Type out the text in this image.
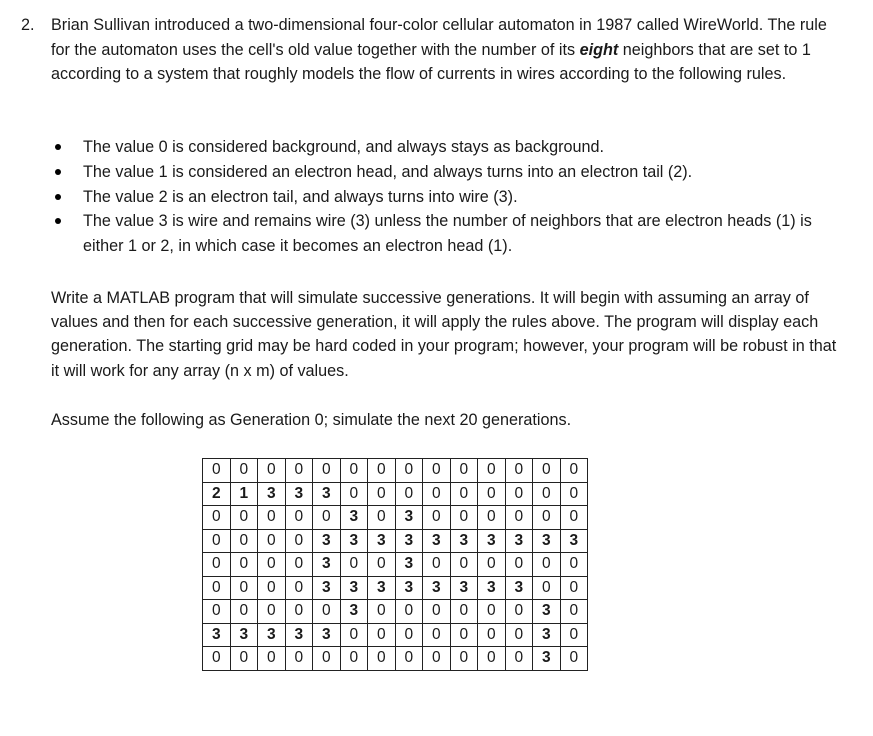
2. Brian Sullivan introduced a two-dimensional four-color cellular automaton in 1987 called WireWorld. The rule for the automaton uses the cell's old value together with the number of its eight neighbors that are set to 1 according to a system that roughly models the flow of currents in wires according to the following rules.

The value 0 is considered background, and always stays as background.
The value 1 is considered an electron head, and always turns into an electron tail (2).
The value 2 is an electron tail, and always turns into wire (3).
The value 3 is wire and remains wire (3) unless the number of neighbors that are electron heads (1) is either 1 or 2, in which case it becomes an electron head (1).

Write a MATLAB program that will simulate successive generations. It will begin with assuming an array of values and then for each successive generation, it will apply the rules above. The program will display each generation. The starting grid may be hard coded in your program; however, your program will be robust in that it will work for any array (n x m) of values.

Assume the following as Generation 0; simulate the next 20 generations.

0	0	0	0	0	0	0	0	0	0	0	0	0	0
2	1	3	3	3	0	0	0	0	0	0	0	0	0
0	0	0	0	0	3	0	3	0	0	0	0	0	0
0	0	0	0	3	3	3	3	3	3	3	3	3	3
0	0	0	0	3	0	0	3	0	0	0	0	0	0
0	0	0	0	3	3	3	3	3	3	3	3	0	0
0	0	0	0	0	3	0	0	0	0	0	0	3	0
3	3	3	3	3	0	0	0	0	0	0	0	3	0
0	0	0	0	0	0	0	0	0	0	0	0	3	0
